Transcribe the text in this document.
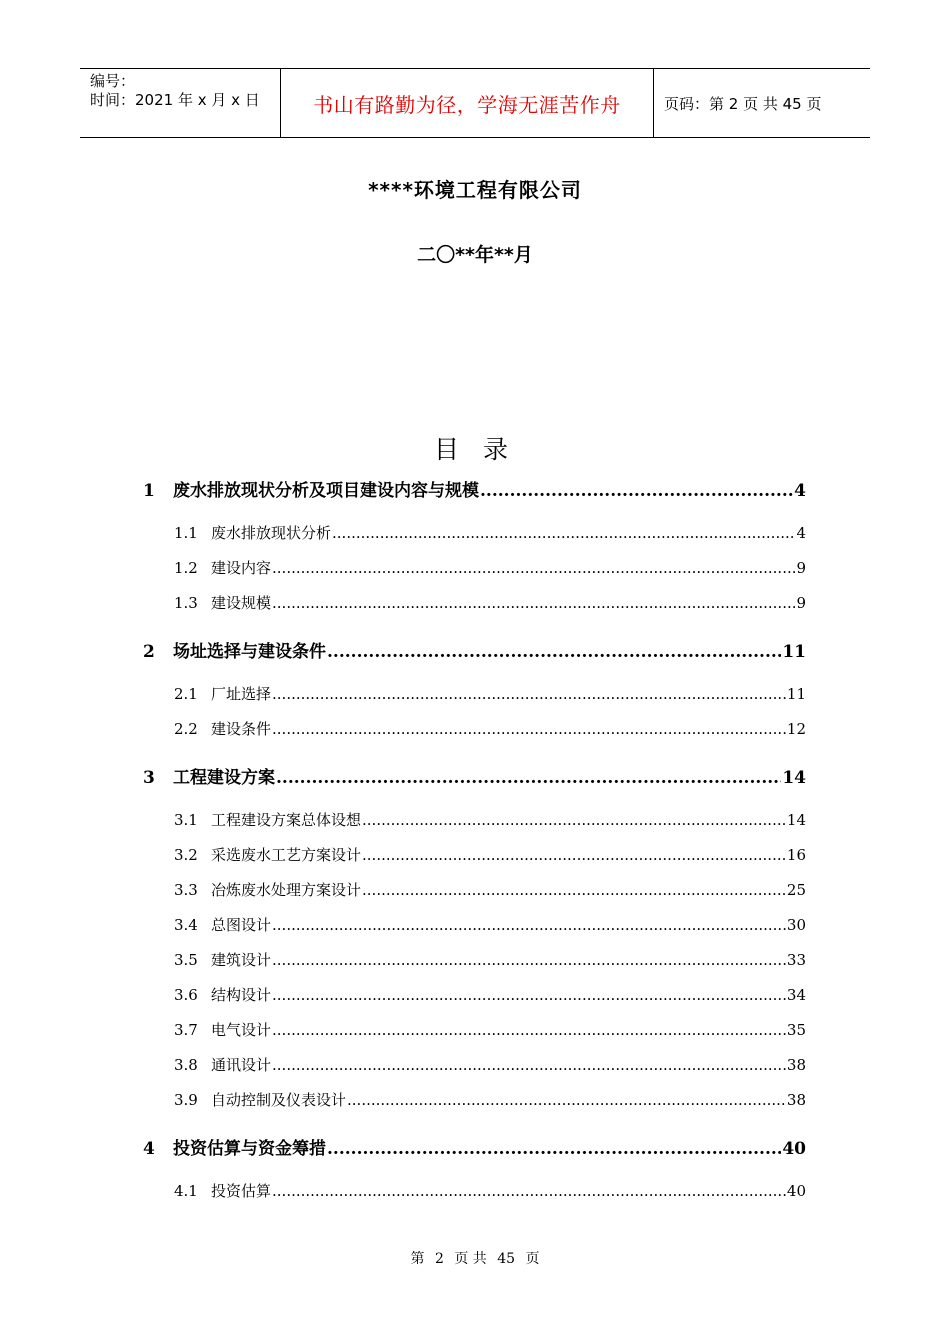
编号：
时间：2021 年 x 月 x 日	书山有路勤为径，学海无涯苦作舟	页码：第 2 页 共 45 页
****环境工程有限公司
二〇**年**月
目 录
1	废水排放现状分析及项目建设内容与规模 .....	4
1.1 废水排放现状分析 .....	4
1.2 建设内容 .....	9
1.3 建设规模 .....	9
2	场址选择与建设条件 .....	11
2.1 厂址选择 .....	11
2.2 建设条件 .....	12
3	工程建设方案 .....	14
3.1 工程建设方案总体设想 .....	14
3.2 采选废水工艺方案设计 .....	16
3.3 冶炼废水处理方案设计 .....	25
3.4 总图设计 .....	30
3.5 建筑设计 .....	33
3.6 结构设计 .....	34
3.7 电气设计 .....	35
3.8 通讯设计 .....	38
3.9 自动控制及仪表设计 .....	38
4	投资估算与资金筹措 .....	40
4.1 投资估算 .....	40
第 2 页 共 45 页
